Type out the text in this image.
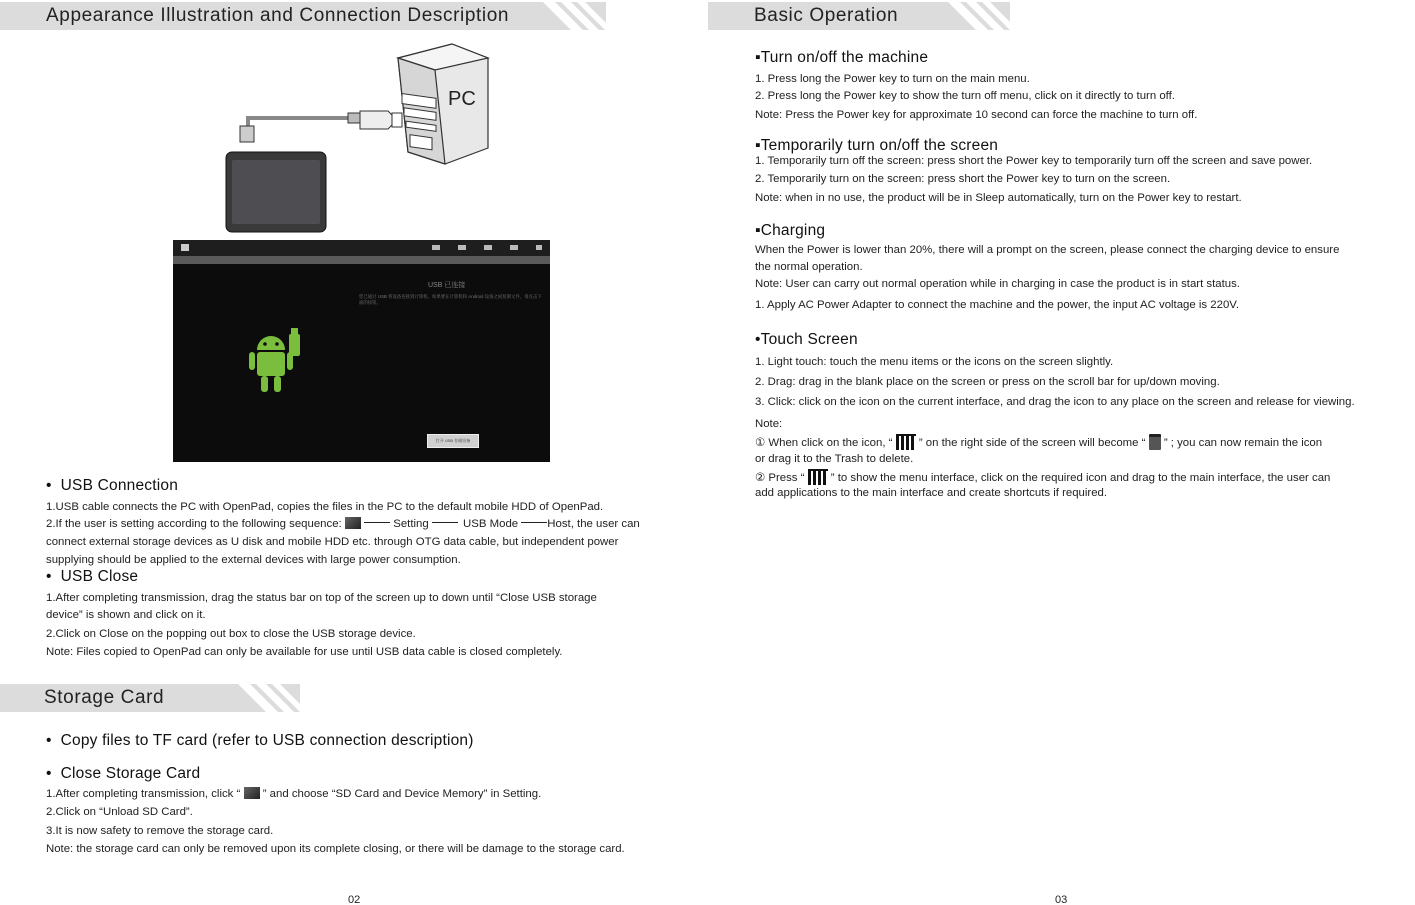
Appearance Illustration and Connection Description
PC
USB 已连接
您已通过 USB 将设备连接到计算机。如果要在计算机和 Android 设备之间复制文件，请点击下面的按钮。
打开 USB 存储设备
•  USB Connection
1.USB cable connects the PC with OpenPad, copies the files in the PC to the default mobile HDD of OpenPad.
2.If the user is setting according to the following sequence:	Setting	USB Mode	Host, the user can
connect external storage devices as U disk and mobile HDD etc. through OTG data cable, but independent power
supplying should be applied to the external devices with large power consumption.
•  USB Close
1.After completing transmission, drag the status bar on top of the screen up to down until “Close USB storage
device” is shown and click on it.
2.Click on Close on the popping out box to close the USB storage device.
Note: Files copied to OpenPad can only be available for use until USB data cable is closed completely.
Storage Card
•  Copy files to TF card (refer to USB connection description)
•  Close Storage Card
1.After completing transmission, click “ ” and choose “SD Card and Device Memory” in Setting.
2.Click on “Unload SD Card”.
3.It is now safety to remove the storage card.
Note: the storage card can only be removed upon its complete closing, or there will be damage to the storage card.
02
Basic Operation
▪Turn on/off the machine
1. Press long the Power key to turn on the main menu.
2. Press long the Power key to show the turn off menu, click on it directly to turn off.
Note: Press the Power key for approximate 10 second can force the machine to turn off.
▪Temporarily turn on/off the screen
1. Temporarily turn off the screen: press short the Power key to temporarily turn off the screen and save power.
2. Temporarily turn on the screen: press short the Power key to turn on the screen.
Note: when in no use, the product will be in Sleep automatically, turn on the Power key to restart.
▪Charging
When the Power is lower than 20%, there will a prompt on the screen, please connect the charging device to ensure
the normal operation.
Note: User can carry out normal operation while in charging in case the product is in start status.
1. Apply AC Power Adapter to connect the machine and the power, the input AC voltage is 220V.
•Touch Screen
1. Light touch: touch the menu items or the icons on the screen slightly.
2. Drag: drag in the blank place on the screen or press on the scroll bar for up/down moving.
3. Click: click on the icon on the current interface, and drag the icon to any place on the screen and release for viewing.
Note:
① When click on the icon, “ ” on the right side of the screen will become “ ” ; you can now remain the icon
or drag it to the Trash to delete.
② Press “ ” to show the menu interface, click on the required icon and drag to the main interface, the user can
add applications to the main interface and create shortcuts if required.
03
